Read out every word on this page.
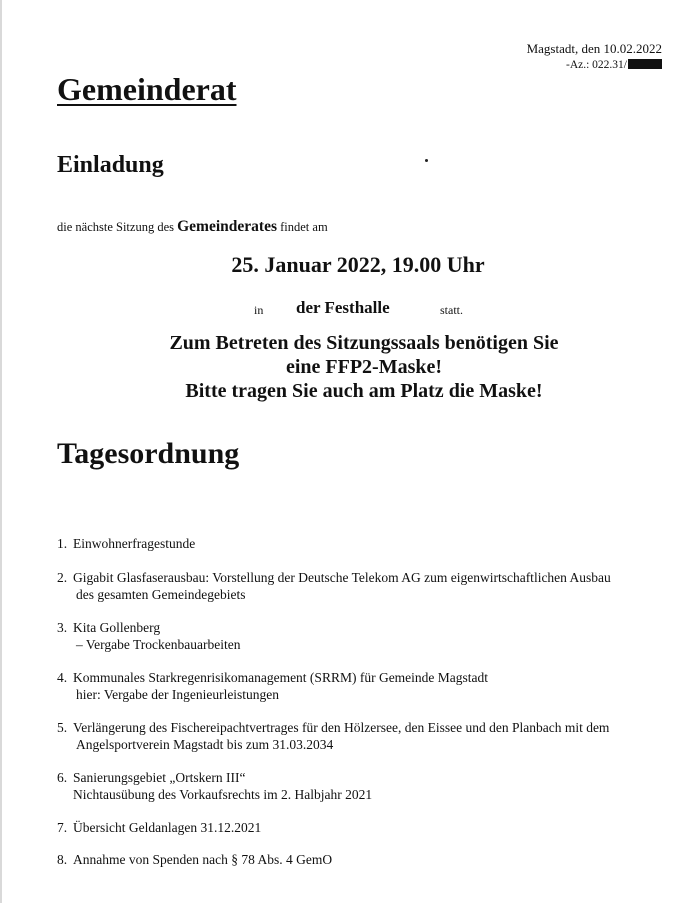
Magstadt, den 10.02.2022
-Az.: 022.31/
Gemeinderat
Einladung
die nächste Sitzung des Gemeinderates findet am
25. Januar 2022, 19.00 Uhr
in der Festhalle	statt.
Zum Betreten des Sitzungssaals benötigen Sie
eine FFP2-Maske!
Bitte tragen Sie auch am Platz die Maske!
Tagesordnung
1. Einwohnerfragestunde
2. Gigabit Glasfaserausbau: Vorstellung der Deutsche Telekom AG zum eigenwirtschaftlichen Ausbau
des gesamten Gemeindegebiets
3. Kita Gollenberg
– Vergabe Trockenbauarbeiten
4. Kommunales Starkregenrisikomanagement (SRRM) für Gemeinde Magstadt
hier: Vergabe der Ingenieurleistungen
5. Verlängerung des Fischereipachtvertrages für den Hölzersee, den Eissee und den Planbach mit dem
Angelsportverein Magstadt bis zum 31.03.2034
6. Sanierungsgebiet „Ortskern III“
Nichtausübung des Vorkaufsrechts im 2. Halbjahr 2021
7. Übersicht Geldanlagen 31.12.2021
8. Annahme von Spenden nach § 78 Abs. 4 GemO
